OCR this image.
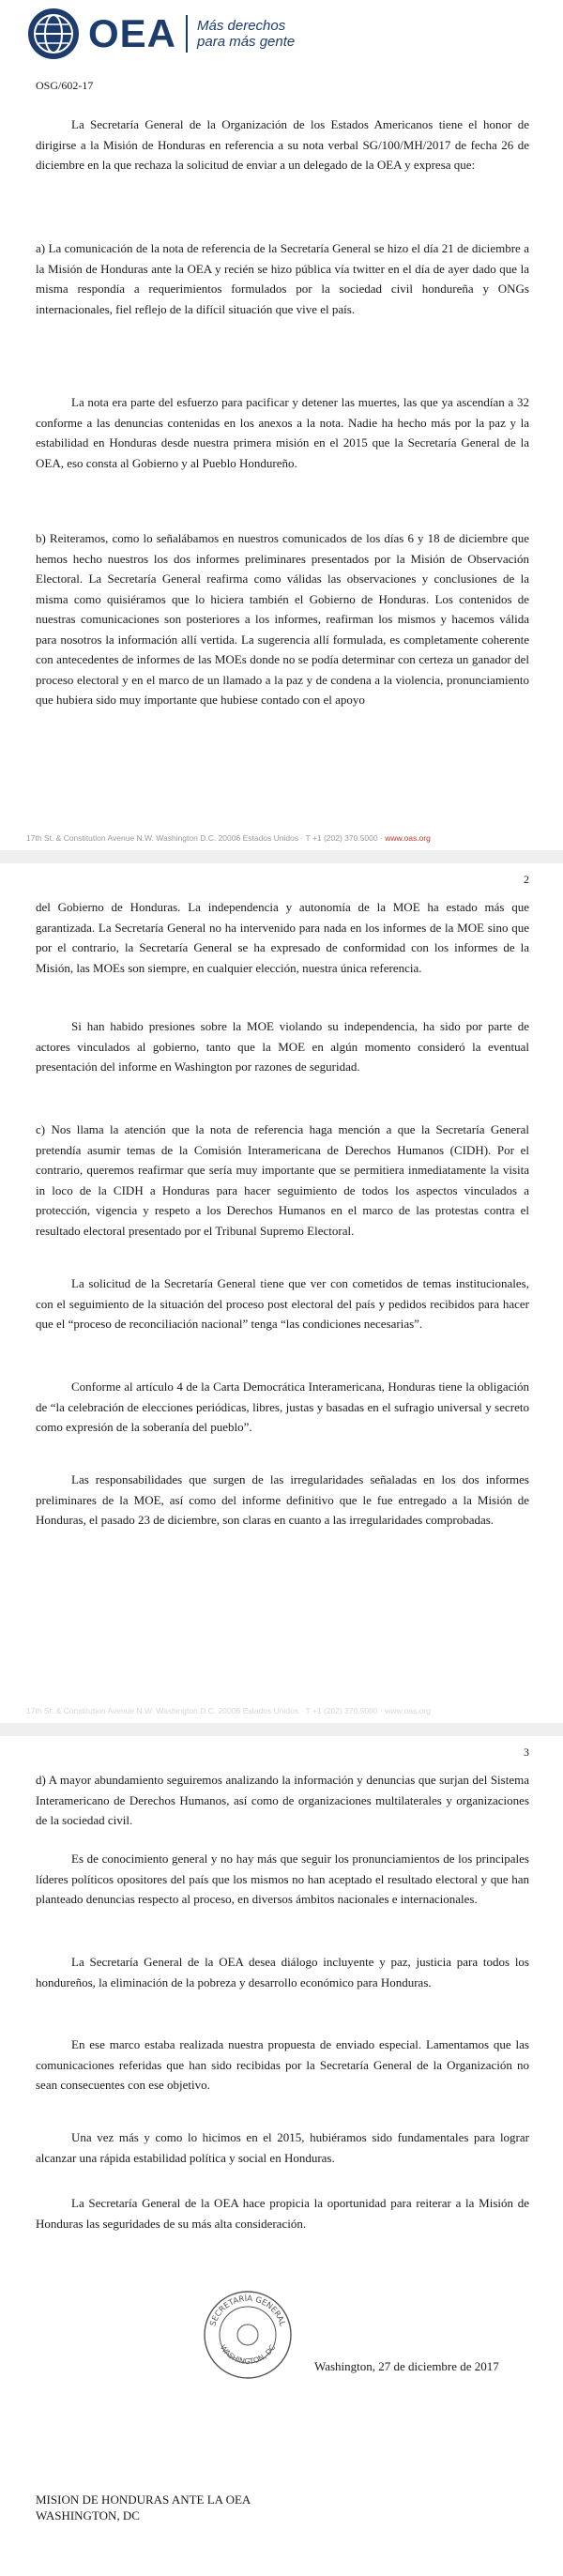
OEA Más derechos
para más gente
OSG/602-17

La Secretaría General de la Organización de los Estados Americanos tiene el honor de dirigirse a la Misión de Honduras en referencia a su nota verbal SG/100/MH/2017 de fecha 26 de diciembre en la que rechaza la solicitud de enviar a un delegado de la OEA y expresa que:

a) La comunicación de la nota de referencia de la Secretaría General se hizo el día 21 de diciembre a la Misión de Honduras ante la OEA y recién se hizo pública vía twitter en el día de ayer dado que la misma respondía a requerimientos formulados por la sociedad civil hondureña y ONGs internacionales, fiel reflejo de la difícil situación que vive el país.

La nota era parte del esfuerzo para pacificar y detener las muertes, las que ya ascendían a 32 conforme a las denuncias contenidas en los anexos a la nota. Nadie ha hecho más por la paz y la estabilidad en Honduras desde nuestra primera misión en el 2015 que la Secretaría General de la OEA, eso consta al Gobierno y al Pueblo Hondureño.

b) Reiteramos, como lo señalábamos en nuestros comunicados de los días 6 y 18 de diciembre que hemos hecho nuestros los dos informes preliminares presentados por la Misión de Observación Electoral. La Secretaría General reafirma como válidas las observaciones y conclusiones de la misma como quisiéramos que lo hiciera también el Gobierno de Honduras. Los contenidos de nuestras comunicaciones son posteriores a los informes, reafirman los mismos y hacemos válida para nosotros la información allí vertida. La sugerencia allí formulada, es completamente coherente con antecedentes de informes de las MOEs donde no se podía determinar con certeza un ganador del proceso electoral y en el marco de un llamado a la paz y de condena a la violencia, pronunciamiento que hubiera sido muy importante que hubiese contado con el apoyo

17th St. & Constitution Avenue N.W. Washington D.C. 20006 Estados Unidos · T +1 (202) 370.5000 · www.oas.org
2

del Gobierno de Honduras. La independencia y autonomía de la MOE ha estado más que garantizada. La Secretaría General no ha intervenido para nada en los informes de la MOE sino que por el contrario, la Secretaría General se ha expresado de conformidad con los informes de la Misión, las MOEs son siempre, en cualquier elección, nuestra única referencia.

Si han habido presiones sobre la MOE violando su independencia, ha sido por parte de actores vinculados al gobierno, tanto que la MOE en algún momento consideró la eventual presentación del informe en Washington por razones de seguridad.

c) Nos llama la atención que la nota de referencia haga mención a que la Secretaría General pretendía asumir temas de la Comisión Interamericana de Derechos Humanos (CIDH). Por el contrario, queremos reafirmar que sería muy importante que se permitiera inmediatamente la visita in loco de la CIDH a Honduras para hacer seguimiento de todos los aspectos vinculados a protección, vigencia y respeto a los Derechos Humanos en el marco de las protestas contra el resultado electoral presentado por el Tribunal Supremo Electoral.

La solicitud de la Secretaría General tiene que ver con cometidos de temas institucionales, con el seguimiento de la situación del proceso post electoral del país y pedidos recibidos para hacer que el “proceso de reconciliación nacional” tenga “las condiciones necesarias”.

Conforme al artículo 4 de la Carta Democrática Interamericana, Honduras tiene la obligación de “la celebración de elecciones periódicas, libres, justas y basadas en el sufragio universal y secreto como expresión de la soberanía del pueblo”.

Las responsabilidades que surgen de las irregularidades señaladas en los dos informes preliminares de la MOE, así como del informe definitivo que le fue entregado a la Misión de Honduras, el pasado 23 de diciembre, son claras en cuanto a las irregularidades comprobadas.

17th St. & Constitution Avenue N.W. Washington D.C. 20006 Estados Unidos · T +1 (202) 370.5000 · www.oas.org
3

d) A mayor abundamiento seguiremos analizando la información y denuncias que surjan del Sistema Interamericano de Derechos Humanos, así como de organizaciones multilaterales y organizaciones de la sociedad civil.

Es de conocimiento general y no hay más que seguir los pronunciamientos de los principales líderes políticos opositores del país que los mismos no han aceptado el resultado electoral y que han planteado denuncias respecto al proceso, en diversos ámbitos nacionales e internacionales.

La Secretaría General de la OEA desea diálogo incluyente y paz, justicia para todos los hondureños, la eliminación de la pobreza y desarrollo económico para Honduras.

En ese marco estaba realizada nuestra propuesta de enviado especial. Lamentamos que las comunicaciones referidas que han sido recibidas por la Secretaría General de la Organización no sean consecuentes con ese objetivo.

Una vez más y como lo hicimos en el 2015, hubiéramos sido fundamentales para lograr alcanzar una rápida estabilidad política y social en Honduras.

La Secretaría General de la OEA hace propicia la oportunidad para reiterar a la Misión de Honduras las seguridades de su más alta consideración.

SECRETARÍA GENERAL
WASHINGTON, DC
Washington, 27 de diciembre de 2017
MISION DE HONDURAS ANTE LA OEA
WASHINGTON, DC
